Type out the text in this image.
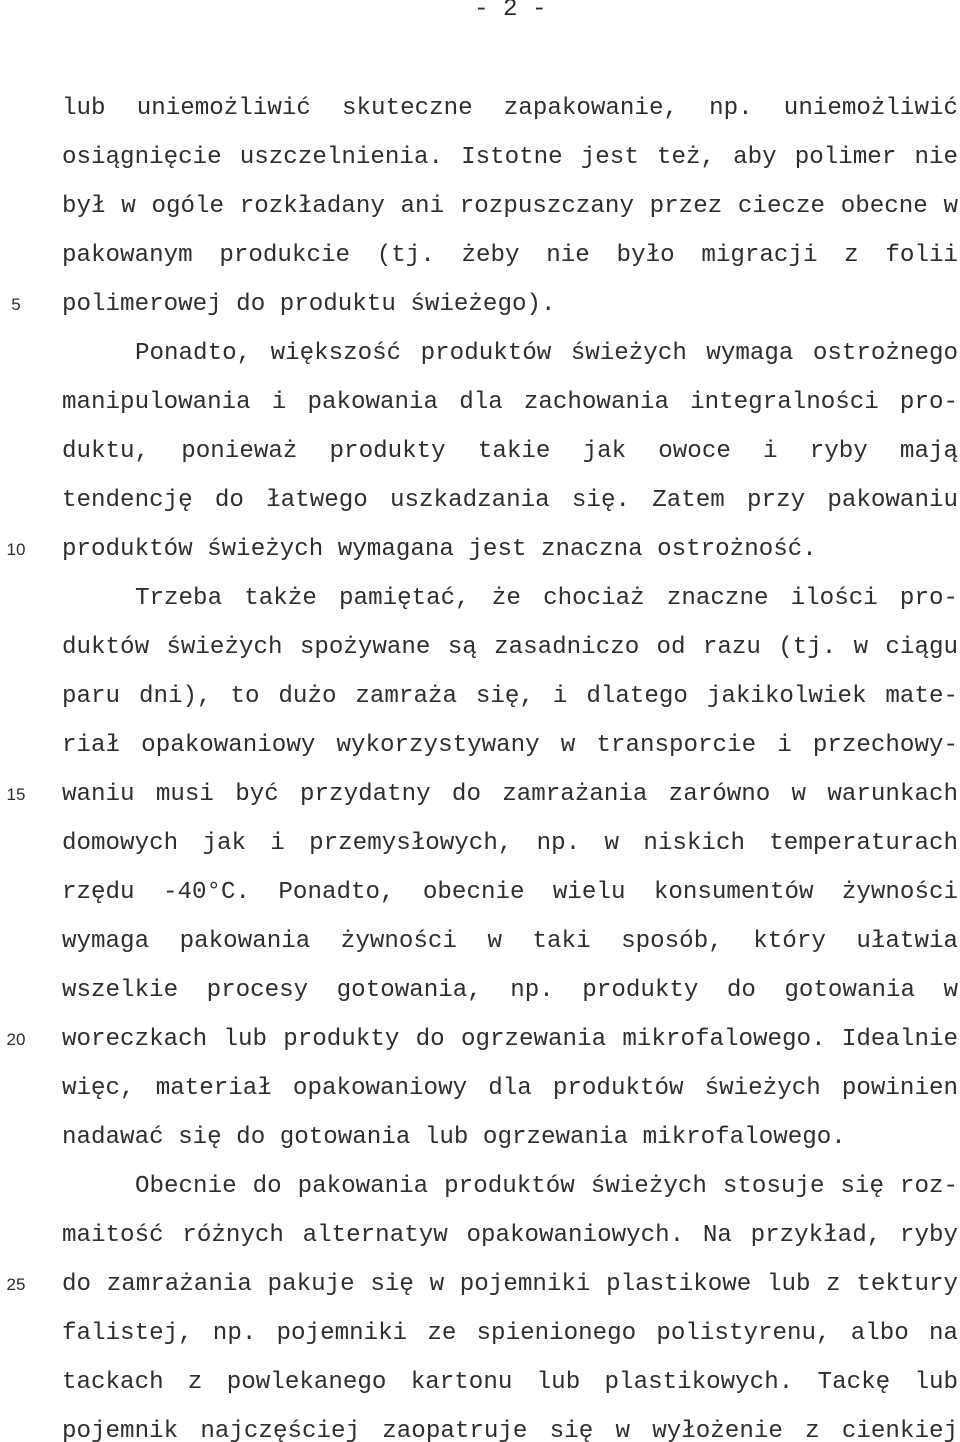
- 2 -
lub uniemożliwić skuteczne zapakowanie, np. uniemożliwić
osiągnięcie uszczelnienia. Istotne jest też, aby polimer nie
był w ogóle rozkładany ani rozpuszczany przez ciecze obecne w
pakowanym produkcie (tj. żeby nie było migracji z folii
5	polimerowej do produktu świeżego).
Ponadto, większość produktów świeżych wymaga ostrożnego
manipulowania i pakowania dla zachowania integralności pro-
duktu, ponieważ produkty takie jak owoce i ryby mają
tendencję do łatwego uszkadzania się. Zatem przy pakowaniu
10 produktów świeżych wymagana jest znaczna ostrożność.
Trzeba także pamiętać, że chociaż znaczne ilości pro-
duktów świeżych spożywane są zasadniczo od razu (tj. w ciągu
paru dni), to dużo zamraża się, i dlatego jakikolwiek mate-
riał opakowaniowy wykorzystywany w transporcie i przechowy-
15 waniu musi być przydatny do zamrażania zarówno w warunkach
domowych jak i przemysłowych, np. w niskich temperaturach
rzędu -40°C. Ponadto, obecnie wielu konsumentów żywności
wymaga pakowania żywności w taki sposób, który ułatwia
wszelkie procesy gotowania, np. produkty do gotowania w
20 woreczkach lub produkty do ogrzewania mikrofalowego. Idealnie
więc, materiał opakowaniowy dla produktów świeżych powinien
nadawać się do gotowania lub ogrzewania mikrofalowego.
Obecnie do pakowania produktów świeżych stosuje się roz-
maitość różnych alternatyw opakowaniowych. Na przykład, ryby
25 do zamrażania pakuje się w pojemniki plastikowe lub z tektury
falistej, np. pojemniki ze spienionego polistyrenu, albo na
tackach z powlekanego kartonu lub plastikowych. Tackę lub
pojemnik najczęściej zaopatruje się w wyłożenie z cienkiej
